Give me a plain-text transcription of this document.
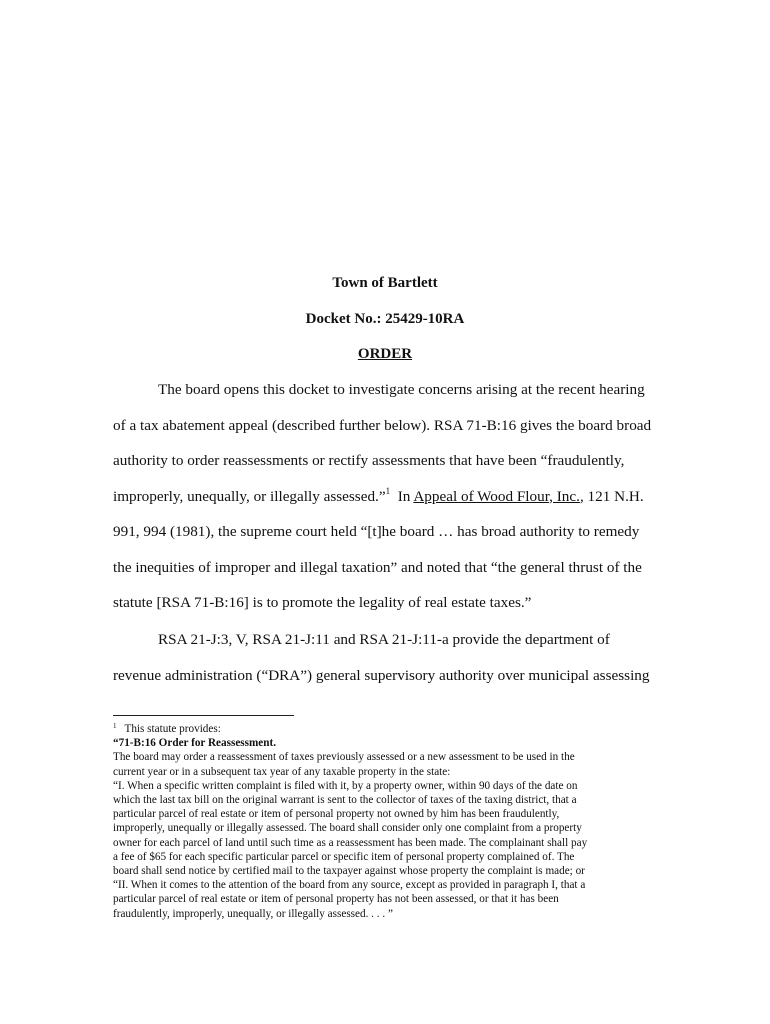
Town of Bartlett
Docket No.: 25429-10RA
ORDER
The board opens this docket to investigate concerns arising at the recent hearing
of a tax abatement appeal (described further below). RSA 71-B:16 gives the board broad
authority to order reassessments or rectify assessments that have been “fraudulently,
improperly, unequally, or illegally assessed.”$^1$  In Appeal of Wood Flour, Inc., 121 N.H.
991, 994 (1981), the supreme court held “[t]he board … has broad authority to remedy
the inequities of improper and illegal taxation” and noted that “the general thrust of the
statute [RSA 71-B:16] is to promote the legality of real estate taxes.”
RSA 21-J:3, V, RSA 21-J:11 and RSA 21-J:11-a provide the department of
revenue administration (“DRA”) general supervisory authority over municipal assessing
$^1$ This statute provides:
“71-B:16 Order for Reassessment.
The board may order a reassessment of taxes previously assessed or a new assessment to be used in the
current year or in a subsequent tax year of any taxable property in the state:
“I. When a specific written complaint is filed with it, by a property owner, within 90 days of the date on
which the last tax bill on the original warrant is sent to the collector of taxes of the taxing district, that a
particular parcel of real estate or item of personal property not owned by him has been fraudulently,
improperly, unequally or illegally assessed. The board shall consider only one complaint from a property
owner for each parcel of land until such time as a reassessment has been made. The complainant shall pay
a fee of $65 for each specific particular parcel or specific item of personal property complained of. The
board shall send notice by certified mail to the taxpayer against whose property the complaint is made; or
“II. When it comes to the attention of the board from any source, except as provided in paragraph I, that a
particular parcel of real estate or item of personal property has not been assessed, or that it has been
fraudulently, improperly, unequally, or illegally assessed. . . . ”
